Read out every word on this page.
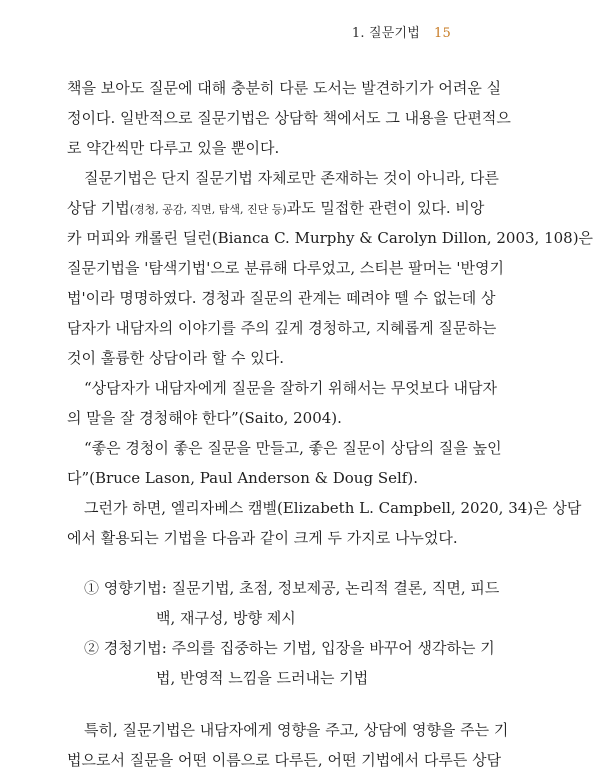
1. 질문기법 15
책을 보아도 질문에 대해 충분히 다룬 도서는 발견하기가 어려운 실
정이다. 일반적으로 질문기법은 상담학 책에서도 그 내용을 단편적으
로 약간씩만 다루고 있을 뿐이다.
질문기법은 단지 질문기법 자체로만 존재하는 것이 아니라, 다른
상담 기법(경청, 공감, 직면, 탐색, 진단 등)과도 밀접한 관련이 있다. 비앙
카 머피와 캐롤린 딜런(Bianca C. Murphy & Carolyn Dillon, 2003, 108)은
질문기법을 '탐색기법'으로 분류해 다루었고, 스티븐 팔머는 '반영기
법'이라 명명하였다. 경청과 질문의 관계는 떼려야 뗄 수 없는데 상
담자가 내담자의 이야기를 주의 깊게 경청하고, 지혜롭게 질문하는
것이 훌륭한 상담이라 할 수 있다.
“상담자가 내담자에게 질문을 잘하기 위해서는 무엇보다 내담자
의 말을 잘 경청해야 한다”(Saito, 2004).
“좋은 경청이 좋은 질문을 만들고, 좋은 질문이 상담의 질을 높인
다”(Bruce Lason, Paul Anderson & Doug Self).
그런가 하면, 엘리자베스 캠벨(Elizabeth L. Campbell, 2020, 34)은 상담
에서 활용되는 기법을 다음과 같이 크게 두 가지로 나누었다.
① 영향기법: 질문기법, 초점, 정보제공, 논리적 결론, 직면, 피드
백, 재구성, 방향 제시
② 경청기법: 주의를 집중하는 기법, 입장을 바꾸어 생각하는 기
법, 반영적 느낌을 드러내는 기법
특히, 질문기법은 내담자에게 영향을 주고, 상담에 영향을 주는 기
법으로서 질문을 어떤 이름으로 다루든, 어떤 기법에서 다루든 상담
